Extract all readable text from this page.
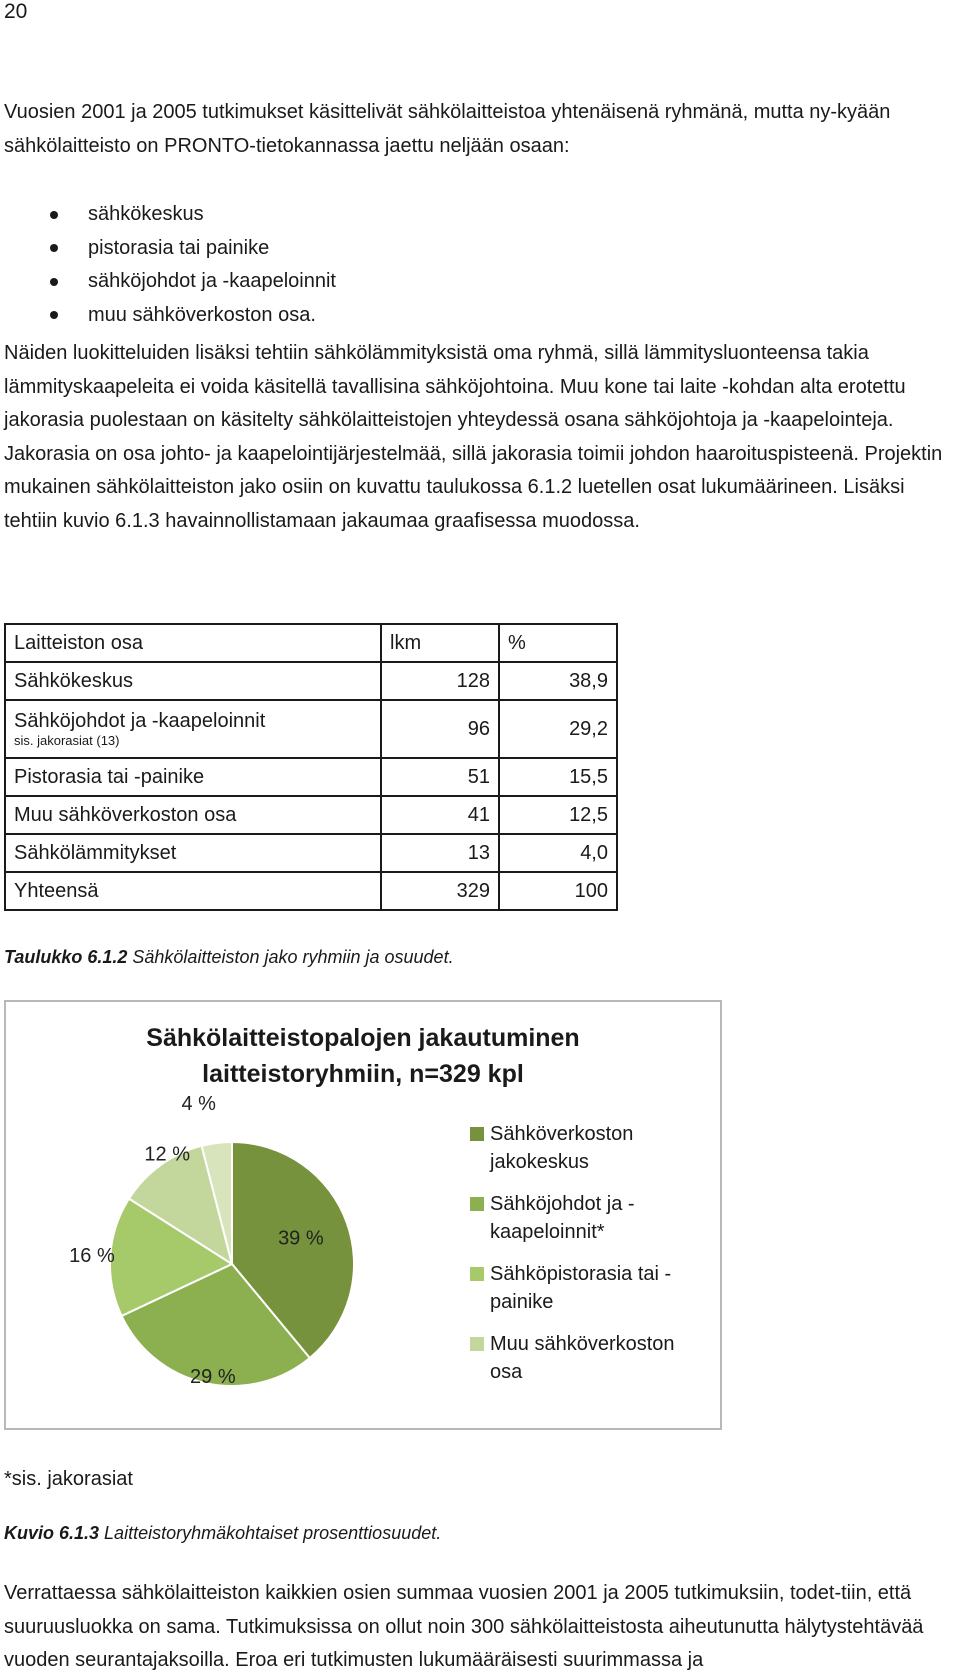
20

Vuosien 2001 ja 2005 tutkimukset käsittelivät sähkölaitteistoa yhtenäisenä ryhmänä, mutta ny-kyään sähkölaitteisto on PRONTO-tietokannassa jaettu neljään osaan:

sähkökeskus
pistorasia tai painike
sähköjohdot ja -kaapeloinnit
muu sähköverkoston osa.

Näiden luokitteluiden lisäksi tehtiin sähkölämmityksistä oma ryhmä, sillä lämmitysluonteensa takia lämmityskaapeleita ei voida käsitellä tavallisina sähköjohtoina. Muu kone tai laite -kohdan alta erotettu jakorasia puolestaan on käsitelty sähkölaitteistojen yhteydessä osana sähköjohtoja ja -kaapelointeja. Jakorasia on osa johto- ja kaapelointijärjestelmää, sillä jakorasia toimii johdon haaroituspisteenä. Projektin mukainen sähkölaitteiston jako osiin on kuvattu taulukossa 6.1.2 luetellen osat lukumäärineen. Lisäksi tehtiin kuvio 6.1.3 havainnollistamaan jakaumaa graafisessa muodossa.

Laitteiston osa	lkm	%
Sähkökeskus	128	38,9

Sähköjohdot ja -kaapeloinnit
sis. jakorasiat (13)	96	29,2
Pistorasia tai -painike	51	15,5
Muu sähköverkoston osa	41	12,5
Sähkölämmitykset	13	4,0
Yhteensä	329	100
Taulukko 6.1.2 Sähkölaitteiston jako ryhmiin ja osuudet.
Sähkölaitteistopalojen jakautuminen
laitteistoryhmiin, n=329 kpl
39 %
29 %
16 %
12 %
4 %
Sähköverkoston
jakokeskus
Sähköjohdot ja -
kaapeloinnit*
Sähköpistorasia tai -
painike
Muu sähköverkoston
osa
*sis. jakorasiat
Kuvio 6.1.3 Laitteistoryhmäkohtaiset prosenttiosuudet.

Verrattaessa sähkölaitteiston kaikkien osien summaa vuosien 2001 ja 2005 tutkimuksiin, todet-tiin, että suuruusluokka on sama. Tutkimuksissa on ollut noin 300 sähkölaitteistosta aiheutunutta hälytystehtävää vuoden seurantajaksoilla. Eroa eri tutkimusten lukumääräisesti suurimmassa ja
